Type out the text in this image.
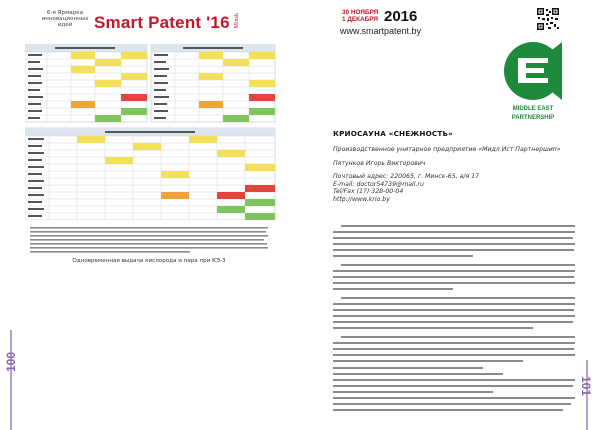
6-я Ярмарка
инновационных
идей	Smart Patent '16 Minsk
30 НОЯБРЯ
1 ДЕКАБРЯ 2016
www.smartpatent.by
Одновременная выдача кислорода и пара при КЭ-3
100
MIDDLE EAST
PARTNERSHIP
КРИОСАУНА «СНЕЖНОСТЬ»
Производственное унитарное предприятие «Мидл Ист Партнершип»
Пятунков Игорь Викторович
Почтовый адрес: 220065, г. Минск-65, а/я 17
E-mail: doctor54739@mail.ru
Tel/Fax (17) 328-00-04
http://www.krio.by
101
